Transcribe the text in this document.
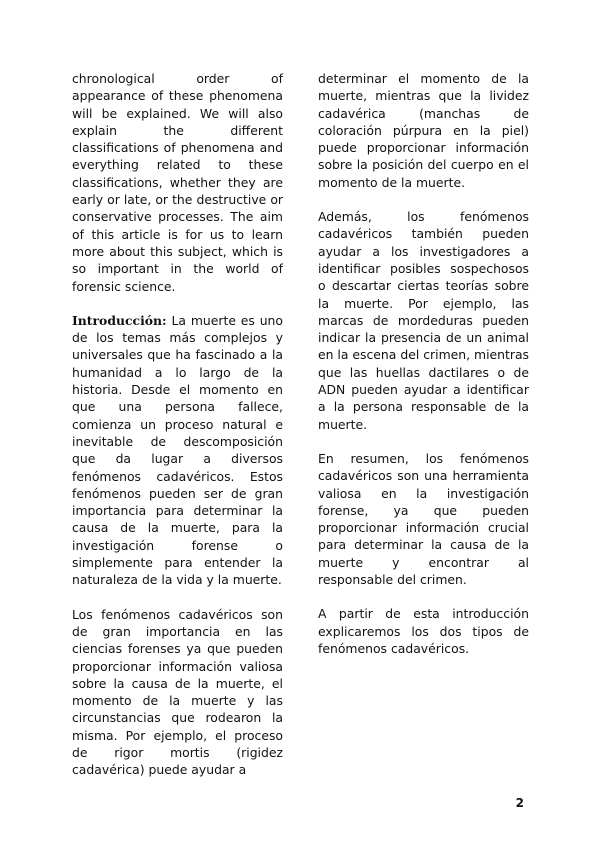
chronological order of appearance of these phenomena will be explained. We will also explain the different classifications of phenomena and everything related to these classifications, whether they are early or late, or the destructive or conservative processes. The aim of this article is for us to learn more about this subject, which is so important in the world of forensic science.

Introducción: La muerte es uno de los temas más complejos y universales que ha fascinado a la humanidad a lo largo de la historia. Desde el momento en que una persona fallece, comienza un proceso natural e inevitable de descomposición que da lugar a diversos fenómenos cadavéricos. Estos fenómenos pueden ser de gran importancia para determinar la causa de la muerte, para la investigación forense o simplemente para entender la naturaleza de la vida y la muerte.

Los fenómenos cadavéricos son de gran importancia en las ciencias forenses ya que pueden proporcionar información valiosa sobre la causa de la muerte, el momento de la muerte y las circunstancias que rodearon la misma. Por ejemplo, el proceso de rigor mortis (rigidez cadavérica) puede ayudar a

determinar el momento de la muerte, mientras que la lividez cadavérica (manchas de coloración púrpura en la piel) puede proporcionar información sobre la posición del cuerpo en el momento de la muerte.

Además, los fenómenos cadavéricos también pueden ayudar a los investigadores a identificar posibles sospechosos o descartar ciertas teorías sobre la muerte. Por ejemplo, las marcas de mordeduras pueden indicar la presencia de un animal en la escena del crimen, mientras que las huellas dactilares o de ADN pueden ayudar a identificar a la persona responsable de la muerte.

En resumen, los fenómenos cadavéricos son una herramienta valiosa en la investigación forense, ya que pueden proporcionar información crucial para determinar la causa de la muerte y encontrar al responsable del crimen.

A partir de esta introducción explicaremos los dos tipos de fenómenos cadavéricos.

2
